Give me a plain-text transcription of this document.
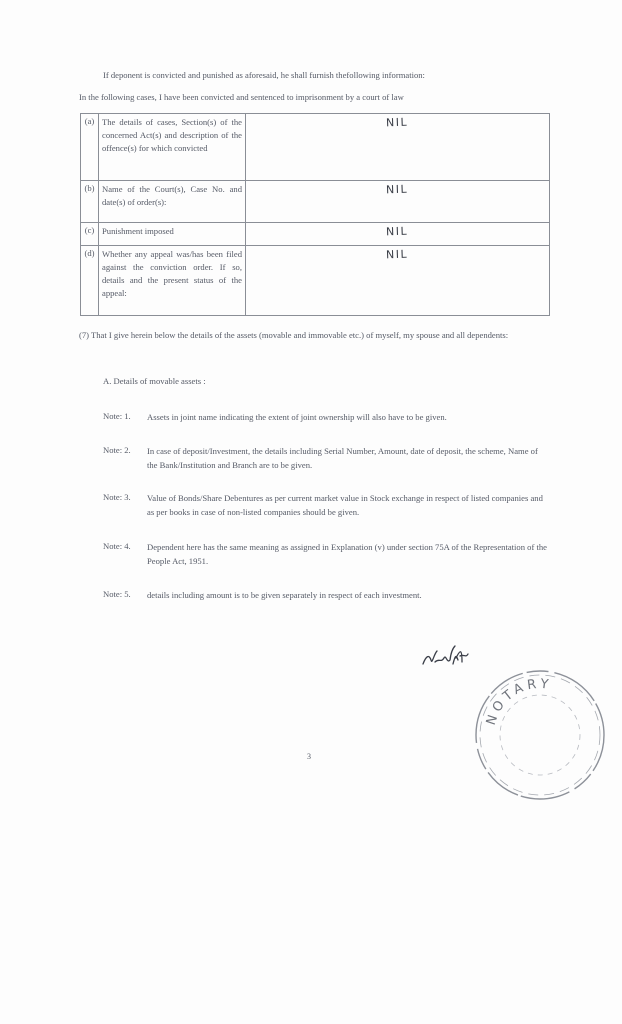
If deponent is convicted and punished as aforesaid, he shall furnish thefollowing information:
In the following cases, I have been convicted and sentenced to imprisonment by a court of law
(a)	The details of cases, Section(s) of the concerned Act(s) and description of the offence(s) for which convicted	NIL
(b)	Name of the Court(s), Case No. and date(s) of order(s):	NIL
(c)	Punishment imposed	NIL
(d)	Whether any appeal was/has been filed against the conviction order. If so, details and the present status of the appeal:	NIL
(7) That I give herein below the details of the assets (movable and immovable etc.) of myself, my spouse and all dependents:
A. Details of movable assets :
Note: 1. Assets in joint name indicating the extent of joint ownership will also have to be given.
Note: 2. In case of deposit/Investment, the details including Serial Number, Amount, date of deposit, the scheme, Name of the Bank/Institution and Branch are to be given.
Note: 3. Value of Bonds/Share Debentures as per current market value in Stock exchange in respect of listed companies and as per books in case of non-listed companies should be given.
Note: 4. Dependent here has the same meaning as assigned in Explanation (v) under section 75A of the Representation of the People Act, 1951.
Note: 5. details including amount is to be given separately in respect of each investment.
NOTARY
3
